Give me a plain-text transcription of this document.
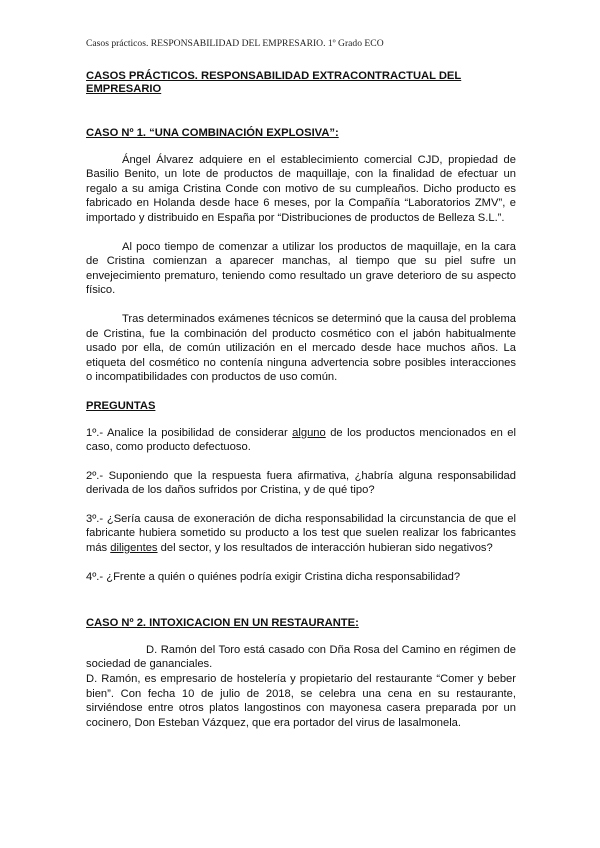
Casos prácticos. RESPONSABILIDAD DEL EMPRESARIO. 1º Grado ECO
CASOS PRÁCTICOS. RESPONSABILIDAD EXTRACONTRACTUAL DEL EMPRESARIO
CASO Nº 1. “UNA COMBINACIÓN EXPLOSIVA”:

Ángel Álvarez adquiere en el establecimiento comercial CJD, propiedad de Basilio Benito, un lote de productos de maquillaje, con la finalidad de efectuar un regalo a su amiga Cristina Conde con motivo de su cumpleaños. Dicho producto es fabricado en Holanda desde hace 6 meses, por la Compañía “Laboratorios ZMV”, e importado y distribuido en España por “Distribuciones de productos de Belleza S.L.”.

Al poco tiempo de comenzar a utilizar los productos de maquillaje, en la cara de Cristina comienzan a aparecer manchas, al tiempo que su piel sufre un envejecimiento prematuro, teniendo como resultado un grave deterioro de su aspecto físico.

Tras determinados exámenes técnicos se determinó que la causa del problema de Cristina, fue la combinación del producto cosmético con el jabón habitualmente usado por ella, de común utilización en el mercado desde hace muchos años. La etiqueta del cosmético no contenía ninguna advertencia sobre posibles interacciones o incompatibilidades con productos de uso común.

PREGUNTAS

1º.- Analice la posibilidad de considerar alguno de los productos mencionados en el caso, como producto defectuoso.

2º.- Suponiendo que la respuesta fuera afirmativa, ¿habría alguna responsabilidad derivada de los daños sufridos por Cristina, y de qué tipo?

3º.- ¿Sería causa de exoneración de dicha responsabilidad la circunstancia de que el fabricante hubiera sometido su producto a los test que suelen realizar los fabricantes más diligentes del sector, y los resultados de interacción hubieran sido negativos?

4º.- ¿Frente a quién o quiénes podría exigir Cristina dicha responsabilidad?

CASO Nº 2. INTOXICACION EN UN RESTAURANTE:

D. Ramón del Toro está casado con Dña Rosa del Camino en régimen de sociedad de gananciales.

D. Ramón, es empresario de hostelería y propietario del restaurante “Comer y beber bien”. Con fecha 10 de julio de 2018, se celebra una cena en su restaurante, sirviéndose entre otros platos langostinos con mayonesa casera preparada por un cocinero, Don Esteban Vázquez, que era portador del virus de lasalmonela.
